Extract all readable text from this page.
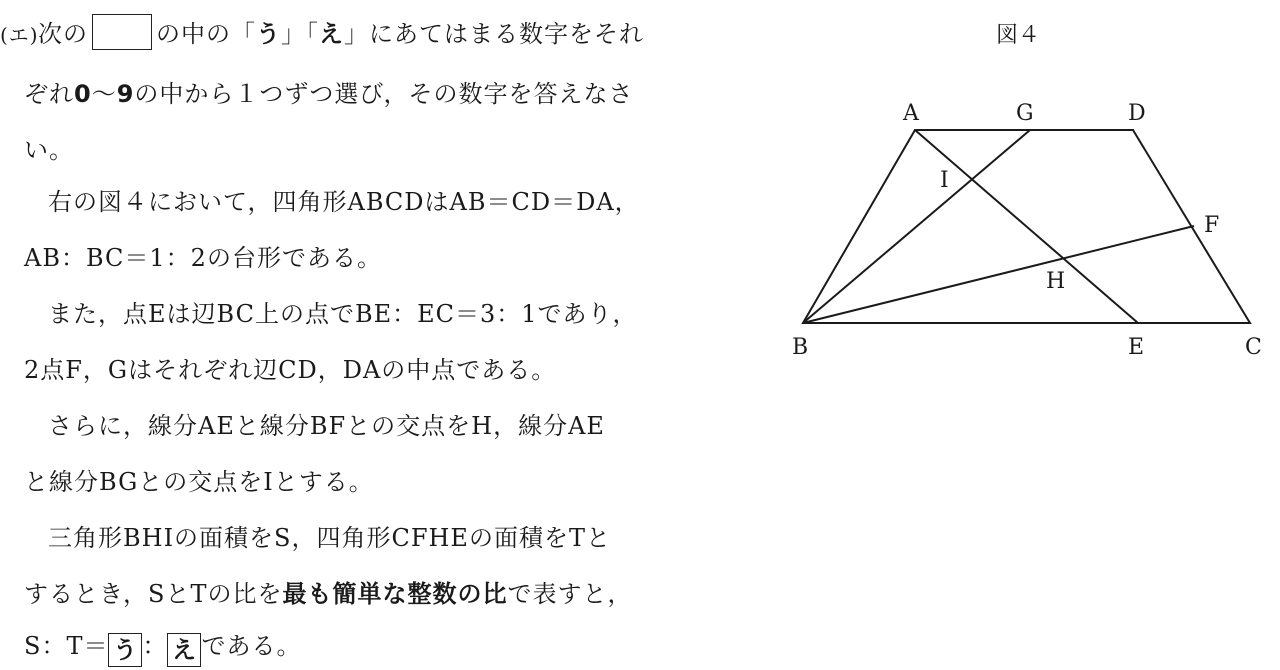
(エ)次の	の中の「う」「え」にあてはまる数字をそれ
ぞれ0～9の中から１つずつ選び，その数字を答えなさ
い。
右の図４において，四角形ABCDはAB＝CD＝DA，
AB：BC＝1：2の台形である。
また，点Eは辺BC上の点でBE：EC＝3：1であり，
2点F，Gはそれぞれ辺CD，DAの中点である。
さらに，線分AEと線分BFとの交点をH，線分AE
と線分BGとの交点をIとする。
三角形BHIの面積をS，四角形CFHEの面積をTと
するとき，SとTの比を最も簡単な整数の比で表すと，
S：T＝ う ： え である。
図４
A	G	D
I
F
H
B	E	C
